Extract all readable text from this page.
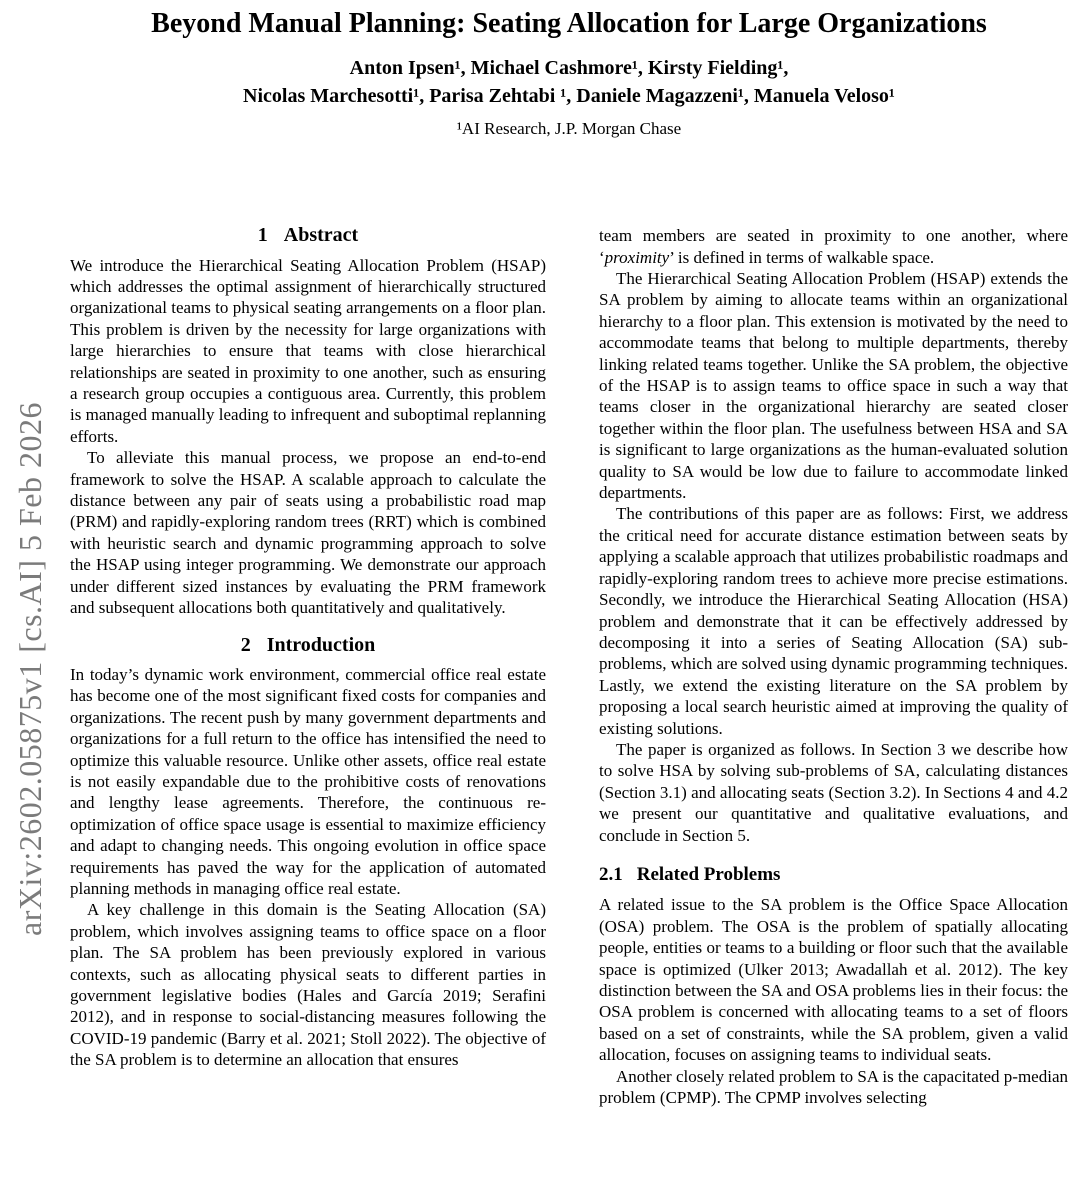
arXiv:2602.05875v1 [cs.AI] 5 Feb 2026
Beyond Manual Planning: Seating Allocation for Large Organizations
Anton Ipsen¹, Michael Cashmore¹, Kirsty Fielding¹,
Nicolas Marchesotti¹, Parisa Zehtabi ¹, Daniele Magazzeni¹, Manuela Veloso¹
¹AI Research, J.P. Morgan Chase
1 Abstract

We introduce the Hierarchical Seating Allocation Problem (HSAP) which addresses the optimal assignment of hierarchically structured organizational teams to physical seating arrangements on a floor plan. This problem is driven by the necessity for large organizations with large hierarchies to ensure that teams with close hierarchical relationships are seated in proximity to one another, such as ensuring a research group occupies a contiguous area. Currently, this problem is managed manually leading to infrequent and suboptimal replanning efforts.

To alleviate this manual process, we propose an end-to-end framework to solve the HSAP. A scalable approach to calculate the distance between any pair of seats using a probabilistic road map (PRM) and rapidly-exploring random trees (RRT) which is combined with heuristic search and dynamic programming approach to solve the HSAP using integer programming. We demonstrate our approach under different sized instances by evaluating the PRM framework and subsequent allocations both quantitatively and qualitatively.

2 Introduction

In today’s dynamic work environment, commercial office real estate has become one of the most significant fixed costs for companies and organizations. The recent push by many government departments and organizations for a full return to the office has intensified the need to optimize this valuable resource. Unlike other assets, office real estate is not easily expandable due to the prohibitive costs of renovations and lengthy lease agreements. Therefore, the continuous re-optimization of office space usage is essential to maximize efficiency and adapt to changing needs. This ongoing evolution in office space requirements has paved the way for the application of automated planning methods in managing office real estate.

A key challenge in this domain is the Seating Allocation (SA) problem, which involves assigning teams to office space on a floor plan. The SA problem has been previously explored in various contexts, such as allocating physical seats to different parties in government legislative bodies (Hales and García 2019; Serafini 2012), and in response to social-distancing measures following the COVID-19 pandemic (Barry et al. 2021; Stoll 2022). The objective of the SA problem is to determine an allocation that ensures

team members are seated in proximity to one another, where ‘proximity’ is defined in terms of walkable space.

The Hierarchical Seating Allocation Problem (HSAP) extends the SA problem by aiming to allocate teams within an organizational hierarchy to a floor plan. This extension is motivated by the need to accommodate teams that belong to multiple departments, thereby linking related teams together. Unlike the SA problem, the objective of the HSAP is to assign teams to office space in such a way that teams closer in the organizational hierarchy are seated closer together within the floor plan. The usefulness between HSA and SA is significant to large organizations as the human-evaluated solution quality to SA would be low due to failure to accommodate linked departments.

The contributions of this paper are as follows: First, we address the critical need for accurate distance estimation between seats by applying a scalable approach that utilizes probabilistic roadmaps and rapidly-exploring random trees to achieve more precise estimations. Secondly, we introduce the Hierarchical Seating Allocation (HSA) problem and demonstrate that it can be effectively addressed by decomposing it into a series of Seating Allocation (SA) sub-problems, which are solved using dynamic programming techniques. Lastly, we extend the existing literature on the SA problem by proposing a local search heuristic aimed at improving the quality of existing solutions.

The paper is organized as follows. In Section 3 we describe how to solve HSA by solving sub-problems of SA, calculating distances (Section 3.1) and allocating seats (Section 3.2). In Sections 4 and 4.2 we present our quantitative and qualitative evaluations, and conclude in Section 5.

2.1 Related Problems

A related issue to the SA problem is the Office Space Allocation (OSA) problem. The OSA is the problem of spatially allocating people, entities or teams to a building or floor such that the available space is optimized (Ulker 2013; Awadallah et al. 2012). The key distinction between the SA and OSA problems lies in their focus: the OSA problem is concerned with allocating teams to a set of floors based on a set of constraints, while the SA problem, given a valid allocation, focuses on assigning teams to individual seats.

Another closely related problem to SA is the capacitated p-median problem (CPMP). The CPMP involves selecting
